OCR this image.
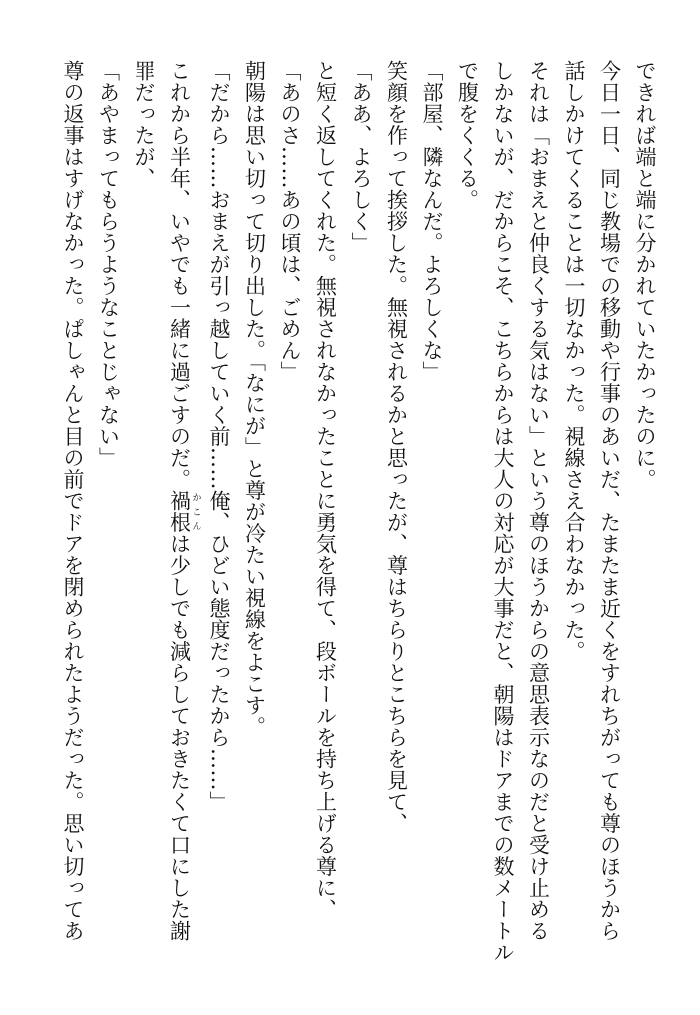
できれば端と端に分かれていたかったのに。
今日一日、同じ教場での移動や行事のあいだ、たまたま近くをすれちがっても尊のほうから
話しかけてくることは一切なかった。視線さえ合わなかった。
それは「おまえと仲良くする気はない」という尊のほうからの意思表示なのだと受け止める
しかないが、だからこそ、こちらからは大人の対応が大事だと、朝陽はドアまでの数メートル
で腹をくくる。
「部屋、隣なんだ。よろしくな」
笑顔を作って挨拶した。無視されるかと思ったが、尊はちらりとこちらを見て、
「ああ、よろしく」
と短く返してくれた。無視されなかったことに勇気を得て、段ボールを持ち上げる尊に、
「あのさ……あの頃は、ごめん」
朝陽は思い切って切り出した。「なにが」と尊が冷たい視線をよこす。
「だから……おまえが引っ越していく前……俺、ひどい態度だったから……」
これから半年、いやでも一緒に過ごすのだ。禍根 かこんは少しでも減らしておきたくて口にした謝
罪だったが、
「あやまってもらうようなことじゃない」
尊の返事はすげなかった。ぱしゃんと目の前でドアを閉められたようだった。思い切ってあ
